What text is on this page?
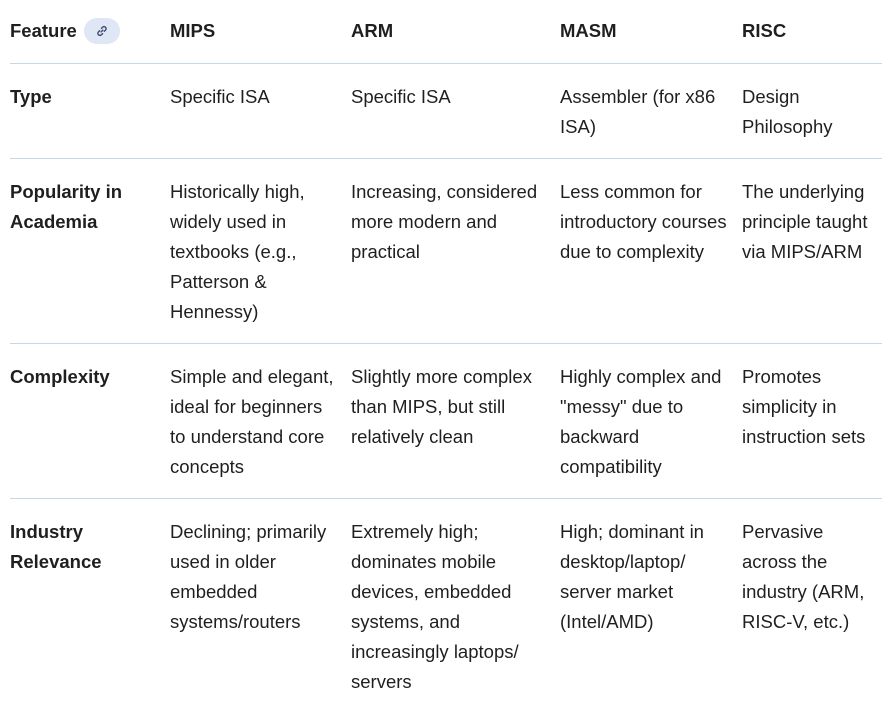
Feature	MIPS	ARM	MASM	RISC
Type	Specific ISA	Specific ISA	Assembler (for x86 ISA)	Design Philosophy
Popularity in Academia	Historically high, widely used in textbooks (e.g., Patterson & Hennessy)	Increasing, considered more modern and practical	Less common for introductory courses due to complexity	The underlying principle taught via MIPS/ARM
Complexity	Simple and elegant, ideal for beginners to understand core concepts	Slightly more complex than MIPS, but still relatively clean	Highly complex and "messy" due to backward compatibility	Promotes simplicity in instruction sets
Industry Relevance	Declining; primarily used in older embedded systems/routers	Extremely high; dominates mobile devices, embedded systems, and increasingly laptops/ servers	High; dominant in desktop/laptop/ server market (Intel/AMD)	Pervasive across the industry (ARM, RISC-V, etc.)
